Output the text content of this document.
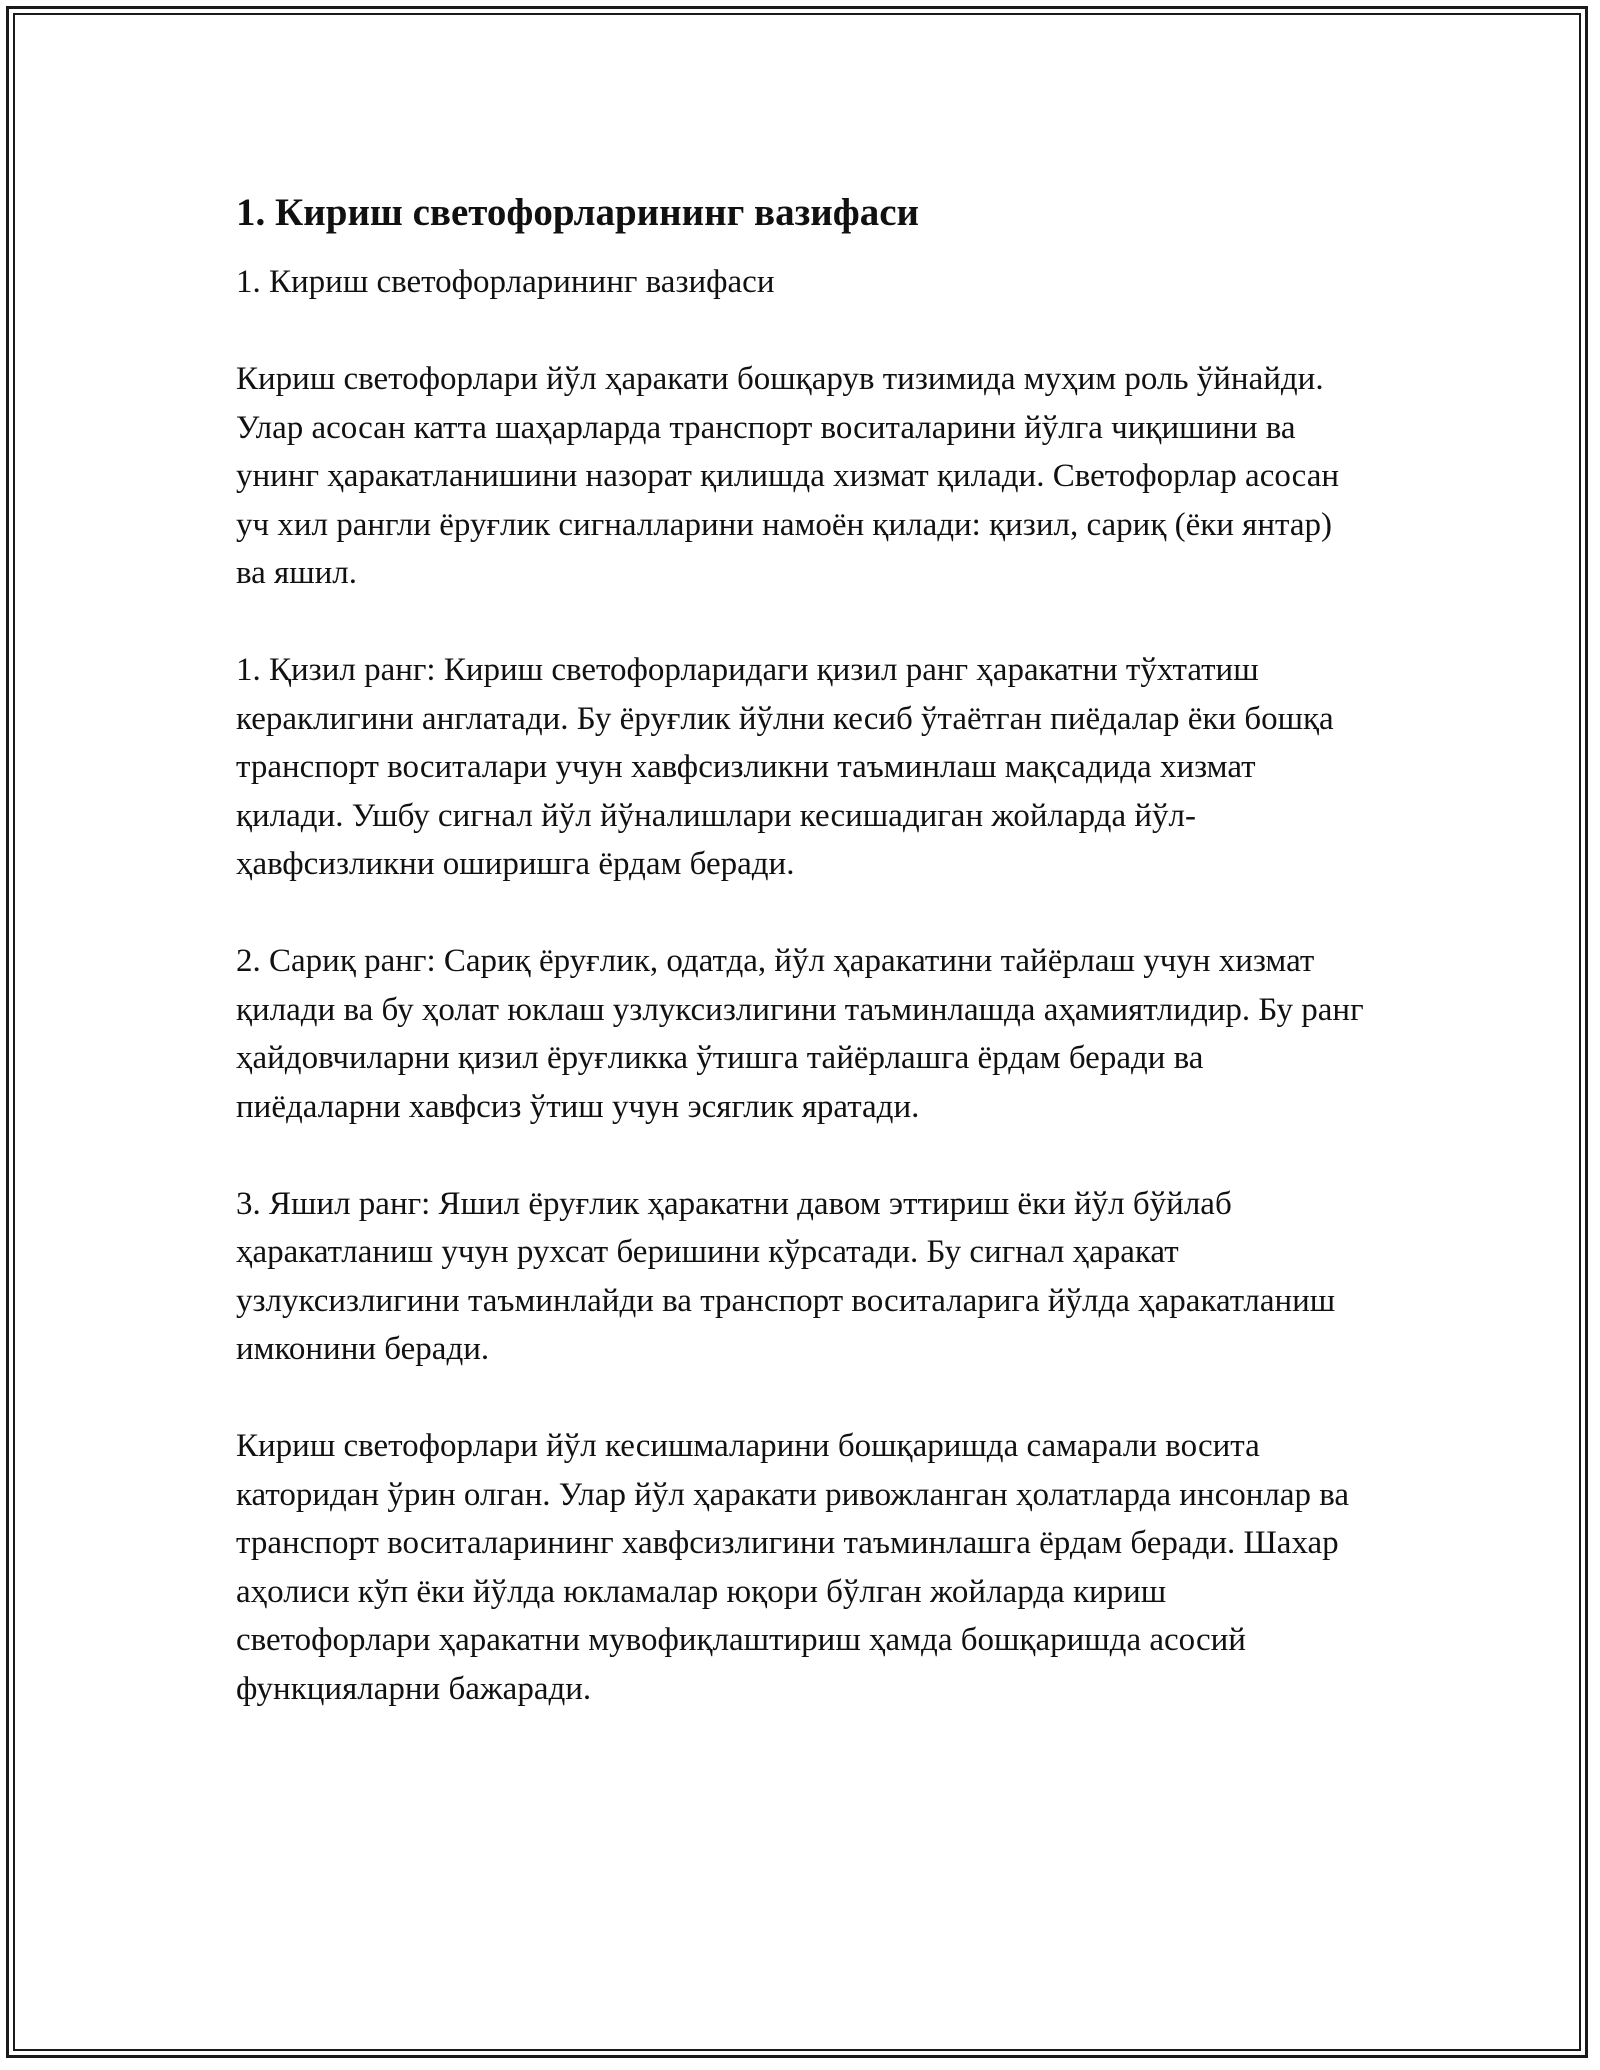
1. Кириш светофорларининг вазифаси

1. Кириш светофорларининг вазифаси

Кириш светофорлари йўл ҳаракати бошқарув тизимида муҳим роль ўйнайди. Улар асосан катта шаҳарларда транспорт воситаларини йўлга чиқишини ва унинг ҳаракатланишини назорат қилишда хизмат қилади. Светофорлар асосан уч хил рангли ёруғлик сигналларини намоён қилади: қизил, сариқ (ёки янтар) ва яшил.

1. Қизил ранг: Кириш светофорларидаги қизил ранг ҳаракатни тўхтатиш кераклигини англатади. Бу ёруғлик йўлни кесиб ўтаётган пиёдалар ёки бошқа транспорт воситалари учун хавфсизликни таъминлаш мақсадида хизмат қилади. Ушбу сигнал йўл йўналишлари кесишадиган жойларда йўл-ҳавфсизликни оширишга ёрдам беради.

2. Сариқ ранг: Сариқ ёруғлик, одатда, йўл ҳаракатини тайёрлаш учун хизмат қилади ва бу ҳолат юклаш узлуксизлигини таъминлашда аҳамиятлидир. Бу ранг ҳайдовчиларни қизил ёруғликка ўтишга тайёрлашга ёрдам беради ва пиёдаларни хавфсиз ўтиш учун эсяглик яратади.

3. Яшил ранг: Яшил ёруғлик ҳаракатни давом эттириш ёки йўл бўйлаб ҳаракатланиш учун рухсат беришини кўрсатади. Бу сигнал ҳаракат узлуксизлигини таъминлайди ва транспорт воситаларига йўлда ҳаракатланиш имконини беради.

Кириш светофорлари йўл кесишмаларини бошқаришда самарали восита каторидан ўрин олган. Улар йўл ҳаракати ривожланган ҳолатларда инсонлар ва транспорт воситаларининг хавфсизлигини таъминлашга ёрдам беради. Шахар аҳолиси кўп ёки йўлда юкламалар юқори бўлган жойларда кириш светофорлари ҳаракатни мувофиқлаштириш ҳамда бошқаришда асосий функцияларни бажаради.
